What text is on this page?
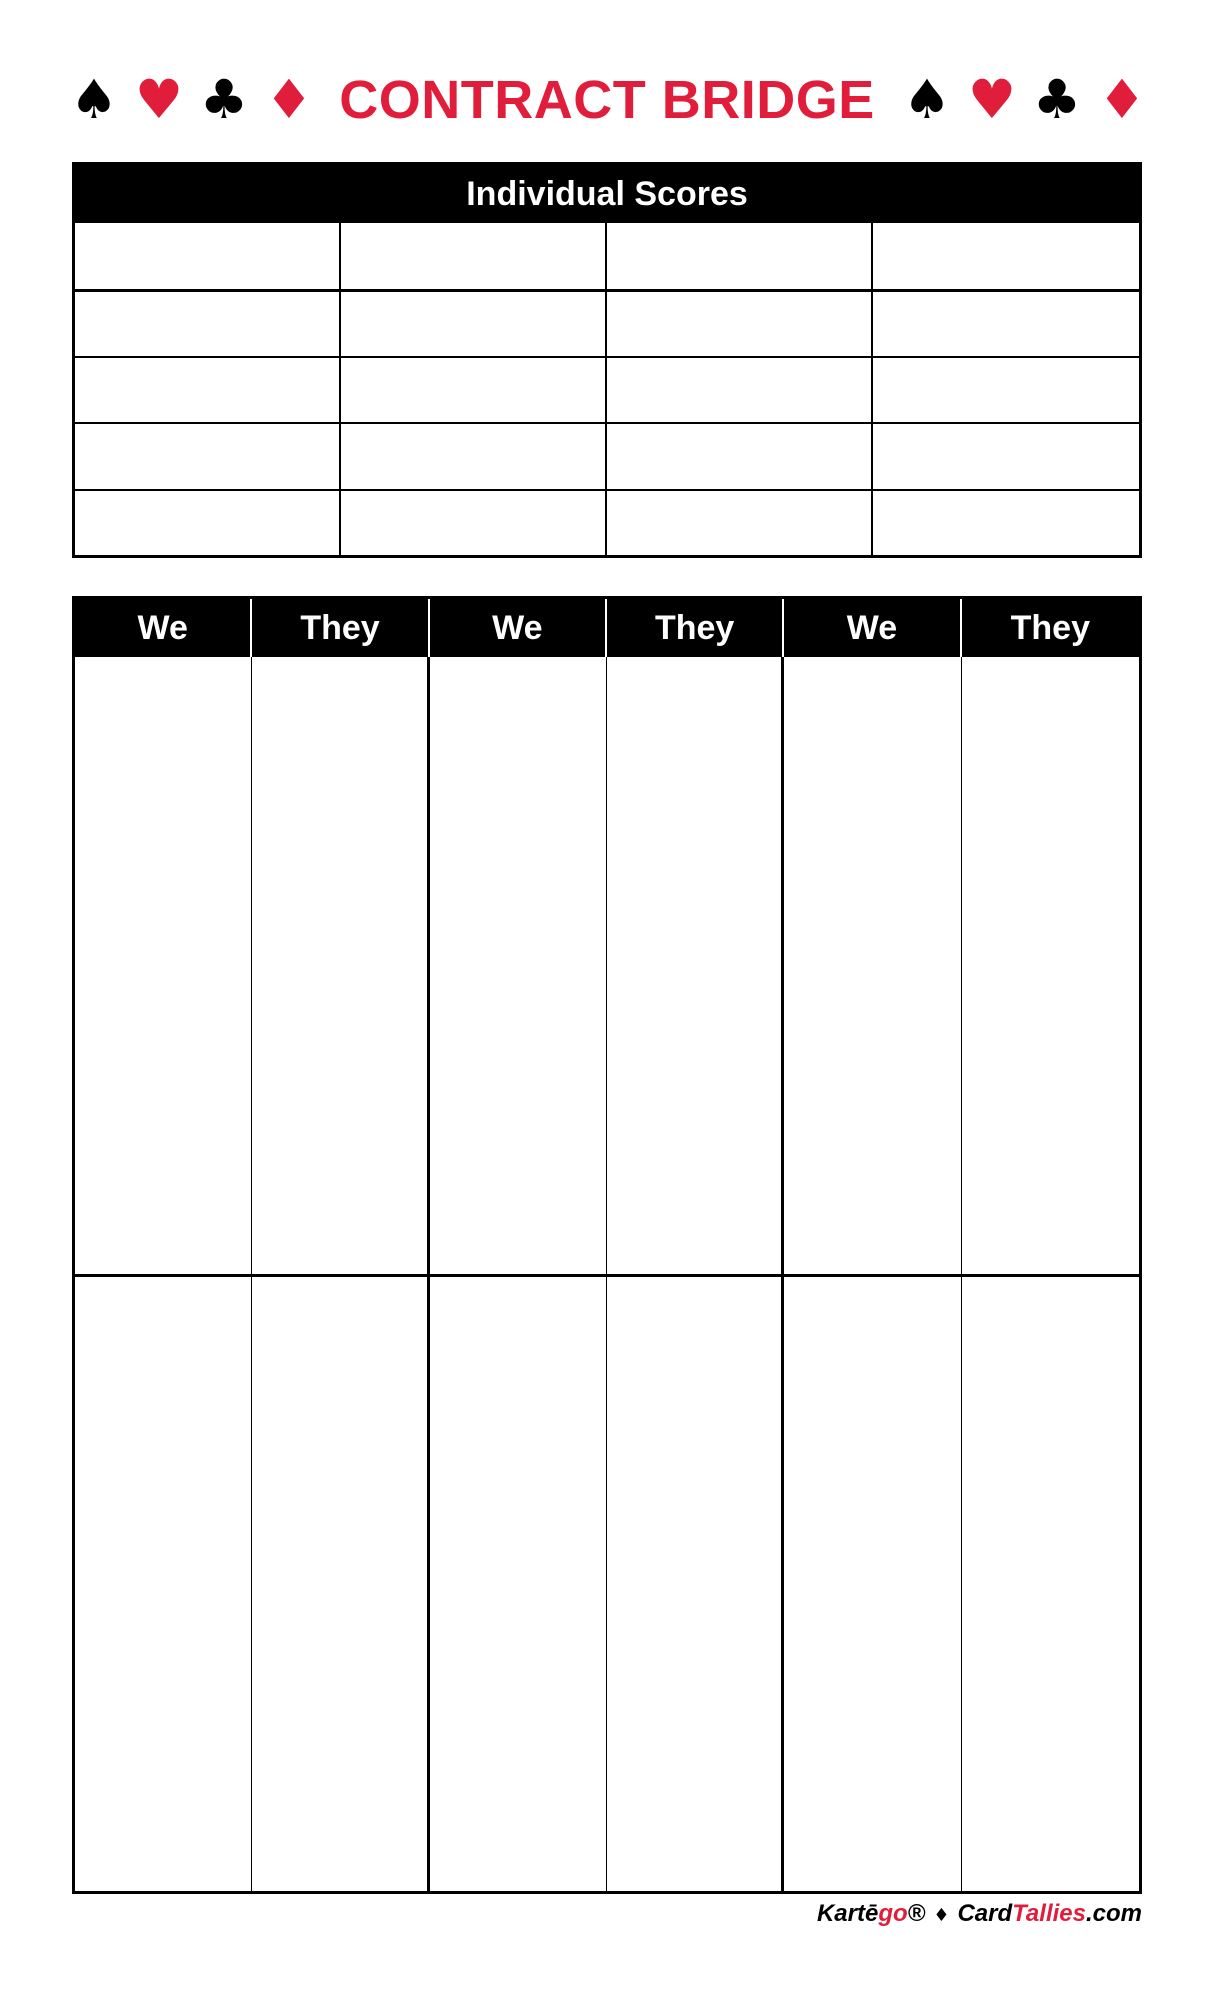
♠ ♥ ♣ ♦ CONTRACT BRIDGE ♠ ♥ ♣ ♦
Individual Scores
We	They	We	They	We	They
Kartēgo® ♦ CardTallies.com
